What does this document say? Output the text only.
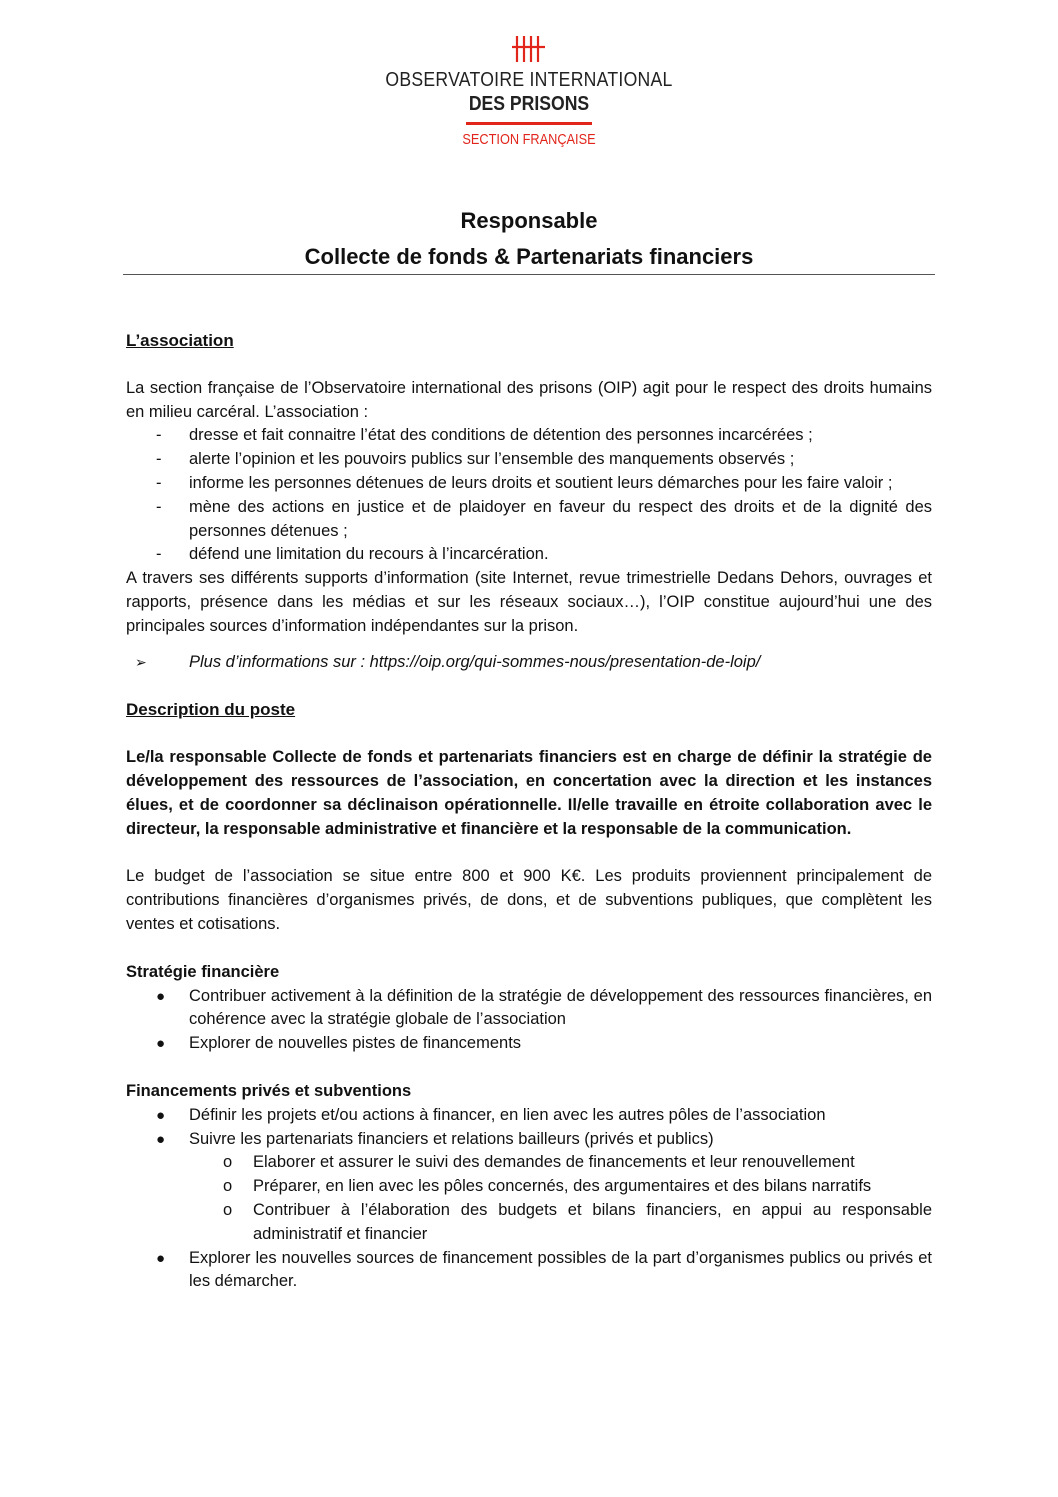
OBSERVATOIRE INTERNATIONAL
DES PRISONS
SECTION FRANÇAISE
Responsable
Collecte de fonds & Partenariats financiers
L’association

La section française de l’Observatoire international des prisons (OIP) agit pour le respect des droits humains en milieu carcéral. L’association :

- dresse et fait connaitre l’état des conditions de détention des personnes incarcérées ;
- alerte l’opinion et les pouvoirs publics sur l’ensemble des manquements observés ;
- informe les personnes détenues de leurs droits et soutient leurs démarches pour les faire valoir ;
- mène des actions en justice et de plaidoyer en faveur du respect des droits et de la dignité des personnes détenues ;
- défend une limitation du recours à l’incarcération.

A travers ses différents supports d’information (site Internet, revue trimestrielle Dedans Dehors, ouvrages et rapports, présence dans les médias et sur les réseaux sociaux…), l’OIP constitue aujourd’hui une des principales sources d’information indépendantes sur la prison.

➢	Plus d’informations sur : https://oip.org/qui-sommes-nous/presentation-de-loip/
Description du poste

Le/la responsable Collecte de fonds et partenariats financiers est en charge de définir la stratégie de développement des ressources de l’association, en concertation avec la direction et les instances élues, et de coordonner sa déclinaison opérationnelle. Il/elle travaille en étroite collaboration avec le directeur, la responsable administrative et financière et la responsable de la communication.

Le budget de l’association se situe entre 800 et 900 K€. Les produits proviennent principalement de contributions financières d’organismes privés, de dons, et de subventions publiques, que complètent les ventes et cotisations.

Stratégie financière

● Contribuer activement à la définition de la stratégie de développement des ressources financières, en cohérence avec la stratégie globale de l’association
● Explorer de nouvelles pistes de financements

Financements privés et subventions

● Définir les projets et/ou actions à financer, en lien avec les autres pôles de l’association
● Suivre les partenariats financiers et relations bailleurs (privés et publics)
o Elaborer et assurer le suivi des demandes de financements et leur renouvellement
o Préparer, en lien avec les pôles concernés, des argumentaires et des bilans narratifs
o Contribuer à l’élaboration des budgets et bilans financiers, en appui au responsable administratif et financier
● Explorer les nouvelles sources de financement possibles de la part d’organismes publics ou privés et les démarcher.
